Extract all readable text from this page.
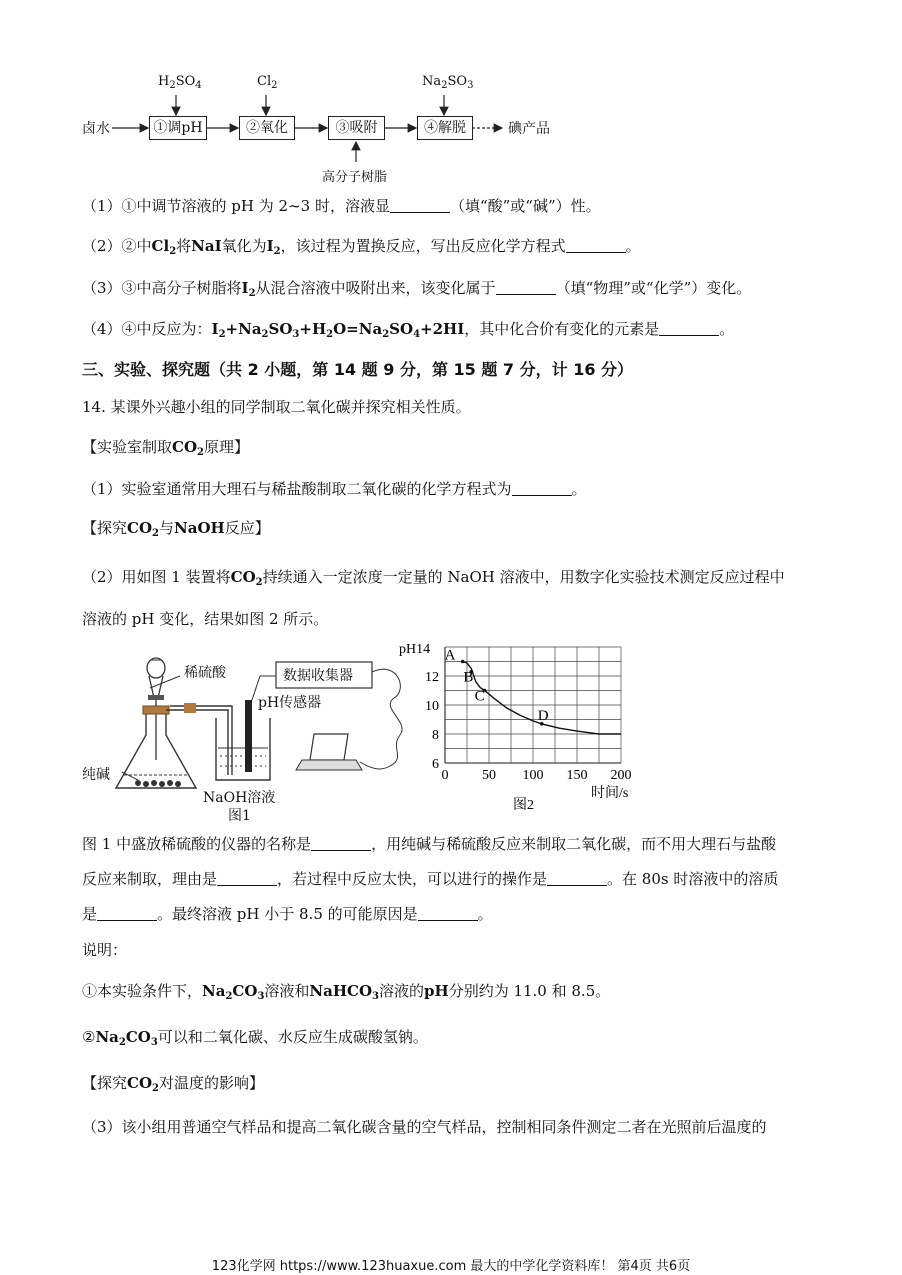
卤水	①调pH	②氧化	③吸附	④解脱	碘产品
$H_2SO_4$	$Cl_2$	$Na_2SO_3$
高分子树脂
（1）①中调节溶液的 pH 为 2~3 时，溶液显	（填“酸”或“碱”）性。
（2）②中$Cl_2$将NaI氧化为$I_2$，该过程为置换反应，写出反应化学方程式	。
（3）③中高分子树脂将$I_2$从混合溶液中吸附出来，该变化属于	（填“物理”或“化学”）变化。
（4）④中反应为：$I_2+Na_2SO_3+H_2O=Na_2SO_4+2HI$，其中化合价有变化的元素是	。
三、实验、探究题（共 2 小题，第 14 题 9 分，第 15 题 7 分，计 16 分）
14. 某课外兴趣小组的同学制取二氧化碳并探究相关性质。
【实验室制取$CO_2$原理】
（1）实验室通常用大理石与稀盐酸制取二氧化碳的化学方程式为	。
【探究$CO_2$与NaOH反应】
（2）用如图 1 装置将$CO_2$持续通入一定浓度一定量的 NaOH 溶液中，用数字化实验技术测定反应过程中
溶液的 pH 变化，结果如图 2 所示。
稀硫酸	数据收集器
pH传感器
纯碱
NaOH溶液
图1
0 50 100 150 200
6
8
10
12
pH14
时间/s
图2
A
B
C
D
图 1 中盛放稀硫酸的仪器的名称是	，用纯碱与稀硫酸反应来制取二氧化碳，而不用大理石与盐酸
反应来制取，理由是	，若过程中反应太快，可以进行的操作是	。在 80s 时溶液中的溶质
是	。最终溶液 pH 小于 8.5 的可能原因是	。
说明：
①本实验条件下，$Na_2CO_3$溶液和NaHCO$_3$溶液的pH分别约为 11.0 和 8.5。
$②Na_2CO_3$可以和二氧化碳、水反应生成碳酸氢钠。
【探究$CO_2$对温度的影响】
（3）该小组用普通空气样品和提高二氧化碳含量的空气样品，控制相同条件测定二者在光照前后温度的
123化学网 https://www.123huaxue.com 最大的中学化学资料库！ 第4页 共6页
